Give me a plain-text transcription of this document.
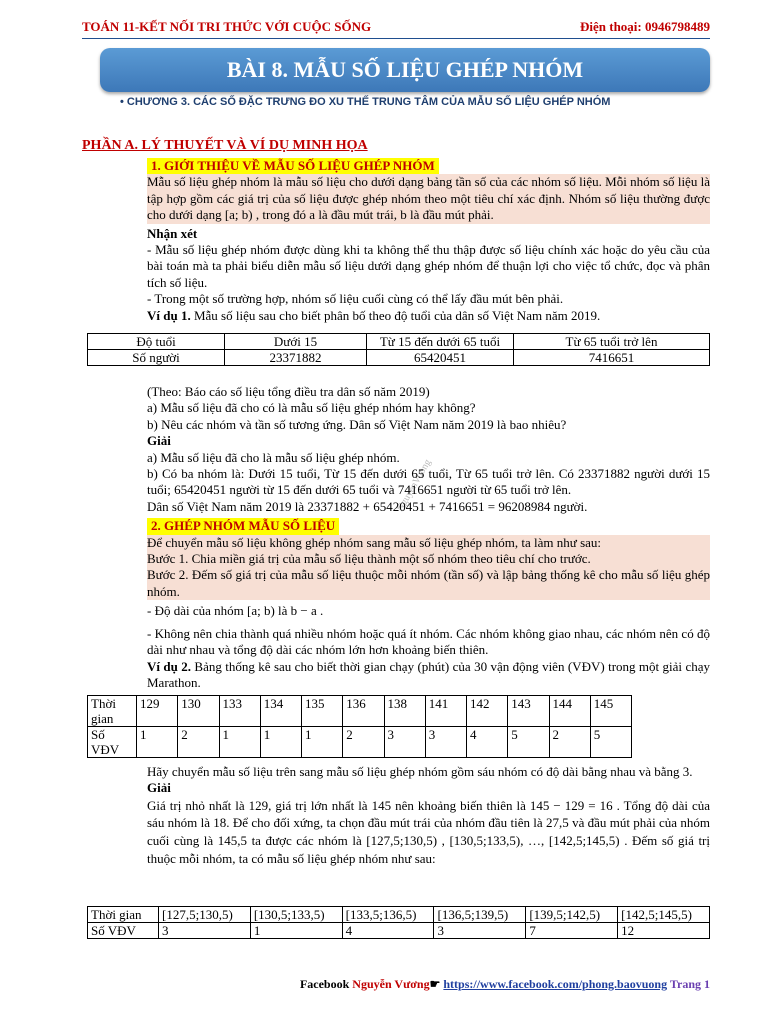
TOÁN 11-KẾT NỐI TRI THỨC VỚI CUỘC SỐNG	Điện thoại: 0946798489
BÀI 8. MẪU SỐ LIỆU GHÉP NHÓM
• CHƯƠNG 3. CÁC SỐ ĐẶC TRƯNG ĐO XU THẾ TRUNG TÂM CỦA MẪU SỐ LIỆU GHÉP NHÓM
PHẦN A. LÝ THUYẾT VÀ VÍ DỤ MINH HỌA
NguyenVuong

1. GIỚI THIỆU VỀ MẪU SỐ LIỆU GHÉP NHÓM

Mẫu số liệu ghép nhóm là mẫu số liệu cho dưới dạng bảng tần số của các nhóm số liệu. Mỗi nhóm số liệu là tập hợp gồm các giá trị của số liệu được ghép nhóm theo một tiêu chí xác định. Nhóm số liệu thường được cho dưới dạng [a; b) , trong đó a là đầu mút trái, b là đầu mút phải.

Nhận xét

- Mẫu số liệu ghép nhóm được dùng khi ta không thể thu thập được số liệu chính xác hoặc do yêu cầu của bài toán mà ta phải biểu diễn mẫu số liệu dưới dạng ghép nhóm để thuận lợi cho việc tổ chức, đọc và phân tích số liệu.

- Trong một số trường hợp, nhóm số liệu cuối cùng có thể lấy đầu mút bên phải.

Ví dụ 1. Mẫu số liệu sau cho biết phân bố theo độ tuổi của dân số Việt Nam năm 2019.

Độ tuổi	Dưới 15	Từ 15 đến dưới 65 tuổi	Từ 65 tuổi trở lên
Số người	23371882	65420451	7416651

(Theo: Báo cáo số liệu tổng điều tra dân số năm 2019)

a) Mẫu số liệu đã cho có là mẫu số liệu ghép nhóm hay không?

b) Nêu các nhóm và tần số tương ứng. Dân số Việt Nam năm 2019 là bao nhiêu?

Giải

a) Mẫu số liệu đã cho là mẫu số liệu ghép nhóm.

b) Có ba nhóm là: Dưới 15 tuổi, Từ 15 đến dưới 65 tuổi, Từ 65 tuổi trở lên. Có 23371882 người dưới 15 tuổi; 65420451 người từ 15 đến dưới 65 tuổi và 7416651 người từ 65 tuổi trở lên.

Dân số Việt Nam năm 2019 là 23371882 + 65420451 + 7416651 = 96208984 người.

2. GHÉP NHÓM MẪU SỐ LIỆU

Để chuyển mẫu số liệu không ghép nhóm sang mẫu số liệu ghép nhóm, ta làm như sau:

Bước 1. Chia miền giá trị của mẫu số liệu thành một số nhóm theo tiêu chí cho trước.

Bước 2. Đếm số giá trị của mẫu số liệu thuộc mỗi nhóm (tần số) và lập bảng thống kê cho mẫu số liệu ghép nhóm.

- Độ dài của nhóm [a; b) là b − a .

- Không nên chia thành quá nhiều nhóm hoặc quá ít nhóm. Các nhóm không giao nhau, các nhóm nên có độ dài như nhau và tổng độ dài các nhóm lớn hơn khoảng biến thiên.

Ví dụ 2. Bảng thống kê sau cho biết thời gian chạy (phút) của 30 vận động viên (VĐV) trong một giải chạy Marathon.

Thời gian	129	130	133	134	135	136	138	141	142	143	144	145
Số VĐV	1	2	1	1	1	2	3	3	4	5	2	5

Hãy chuyển mẫu số liệu trên sang mẫu số liệu ghép nhóm gồm sáu nhóm có độ dài bằng nhau và bằng 3.

Giải

Giá trị nhỏ nhất là 129, giá trị lớn nhất là 145 nên khoảng biến thiên là 145 − 129 = 16 . Tổng độ dài của sáu nhóm là 18. Để cho đối xứng, ta chọn đầu mút trái của nhóm đầu tiên là 27,5 và đầu mút phải của nhóm cuối cùng là 145,5 ta được các nhóm là [127,5;130,5) , [130,5;133,5), …, [142,5;145,5) . Đếm số giá trị thuộc mỗi nhóm, ta có mẫu số liệu ghép nhóm như sau:

Thời gian	[127,5;130,5)	[130,5;133,5)	[133,5;136,5)	[136,5;139,5)	[139,5;142,5)	[142,5;145,5)
Số VĐV	3	1	4	3	7	12
Facebook Nguyễn Vương☛ https://www.facebook.com/phong.baovuong Trang 1
